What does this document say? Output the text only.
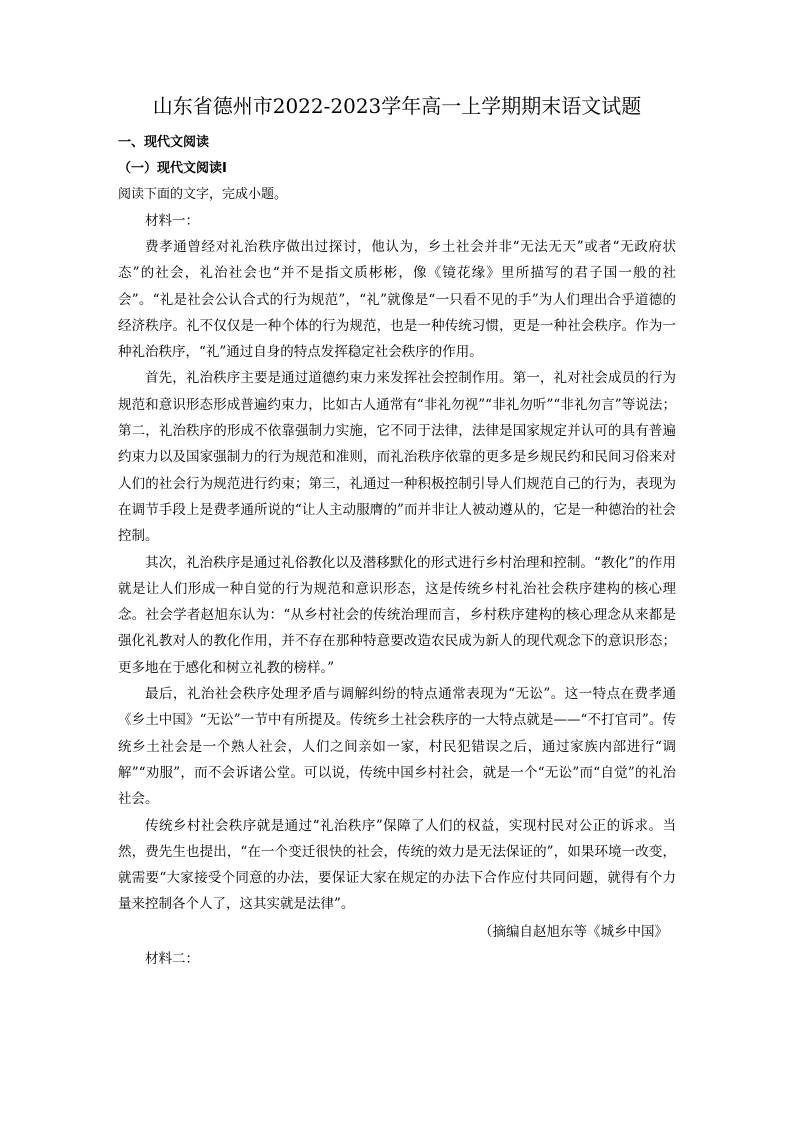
山东省德州市2022-2023学年高一上学期期末语文试题
一、现代文阅读
（一）现代文阅读Ⅰ
阅读下面的文字，完成小题。
材料一：

费孝通曾经对礼治秩序做出过探讨，他认为，乡土社会并非“无法无天”或者“无政府状态”的社会，礼治社会也“并不是指文质彬彬，像《镜花缘》里所描写的君子国一般的社会”。“礼是社会公认合式的行为规范”，“礼”就像是“一只看不见的手”为人们理出合乎道德的经济秩序。礼不仅仅是一种个体的行为规范，也是一种传统习惯，更是一种社会秩序。作为一种礼治秩序，“礼”通过自身的特点发挥稳定社会秩序的作用。

首先，礼治秩序主要是通过道德约束力来发挥社会控制作用。第一，礼对社会成员的行为规范和意识形态形成普遍约束力，比如古人通常有“非礼勿视”“非礼勿听”“非礼勿言”等说法；第二，礼治秩序的形成不依靠强制力实施，它不同于法律，法律是国家规定并认可的具有普遍约束力以及国家强制力的行为规范和准则，而礼治秩序依靠的更多是乡规民约和民间习俗来对人们的社会行为规范进行约束；第三，礼通过一种积极控制引导人们规范自己的行为，表现为在调节手段上是费孝通所说的“让人主动服膺的”而并非让人被动遵从的，它是一种德治的社会控制。

其次，礼治秩序是通过礼俗教化以及潜移默化的形式进行乡村治理和控制。“教化”的作用就是让人们形成一种自觉的行为规范和意识形态，这是传统乡村礼治社会秩序建构的核心理念。社会学者赵旭东认为：“从乡村社会的传统治理而言，乡村秩序建构的核心理念从来都是强化礼教对人的教化作用，并不存在那种特意要改造农民成为新人的现代观念下的意识形态；更多地在于感化和树立礼教的榜样。”

最后，礼治社会秩序处理矛盾与调解纠纷的特点通常表现为“无讼”。这一特点在费孝通《乡土中国》“无讼”一节中有所提及。传统乡土社会秩序的一大特点就是——“不打官司”。传统乡土社会是一个熟人社会，人们之间亲如一家，村民犯错误之后，通过家族内部进行“调解”“劝服”，而不会诉诸公堂。可以说，传统中国乡村社会，就是一个“无讼”而“自觉”的礼治社会。

传统乡村社会秩序就是通过“礼治秩序”保障了人们的权益，实现村民对公正的诉求。当然，费先生也提出，“在一个变迁很快的社会，传统的效力是无法保证的”，如果环境一改变，就需要“大家接受个同意的办法，要保证大家在规定的办法下合作应付共同问题，就得有个力量来控制各个人了，这其实就是法律”。

（摘编自赵旭东等《城乡中国》
材料二：
